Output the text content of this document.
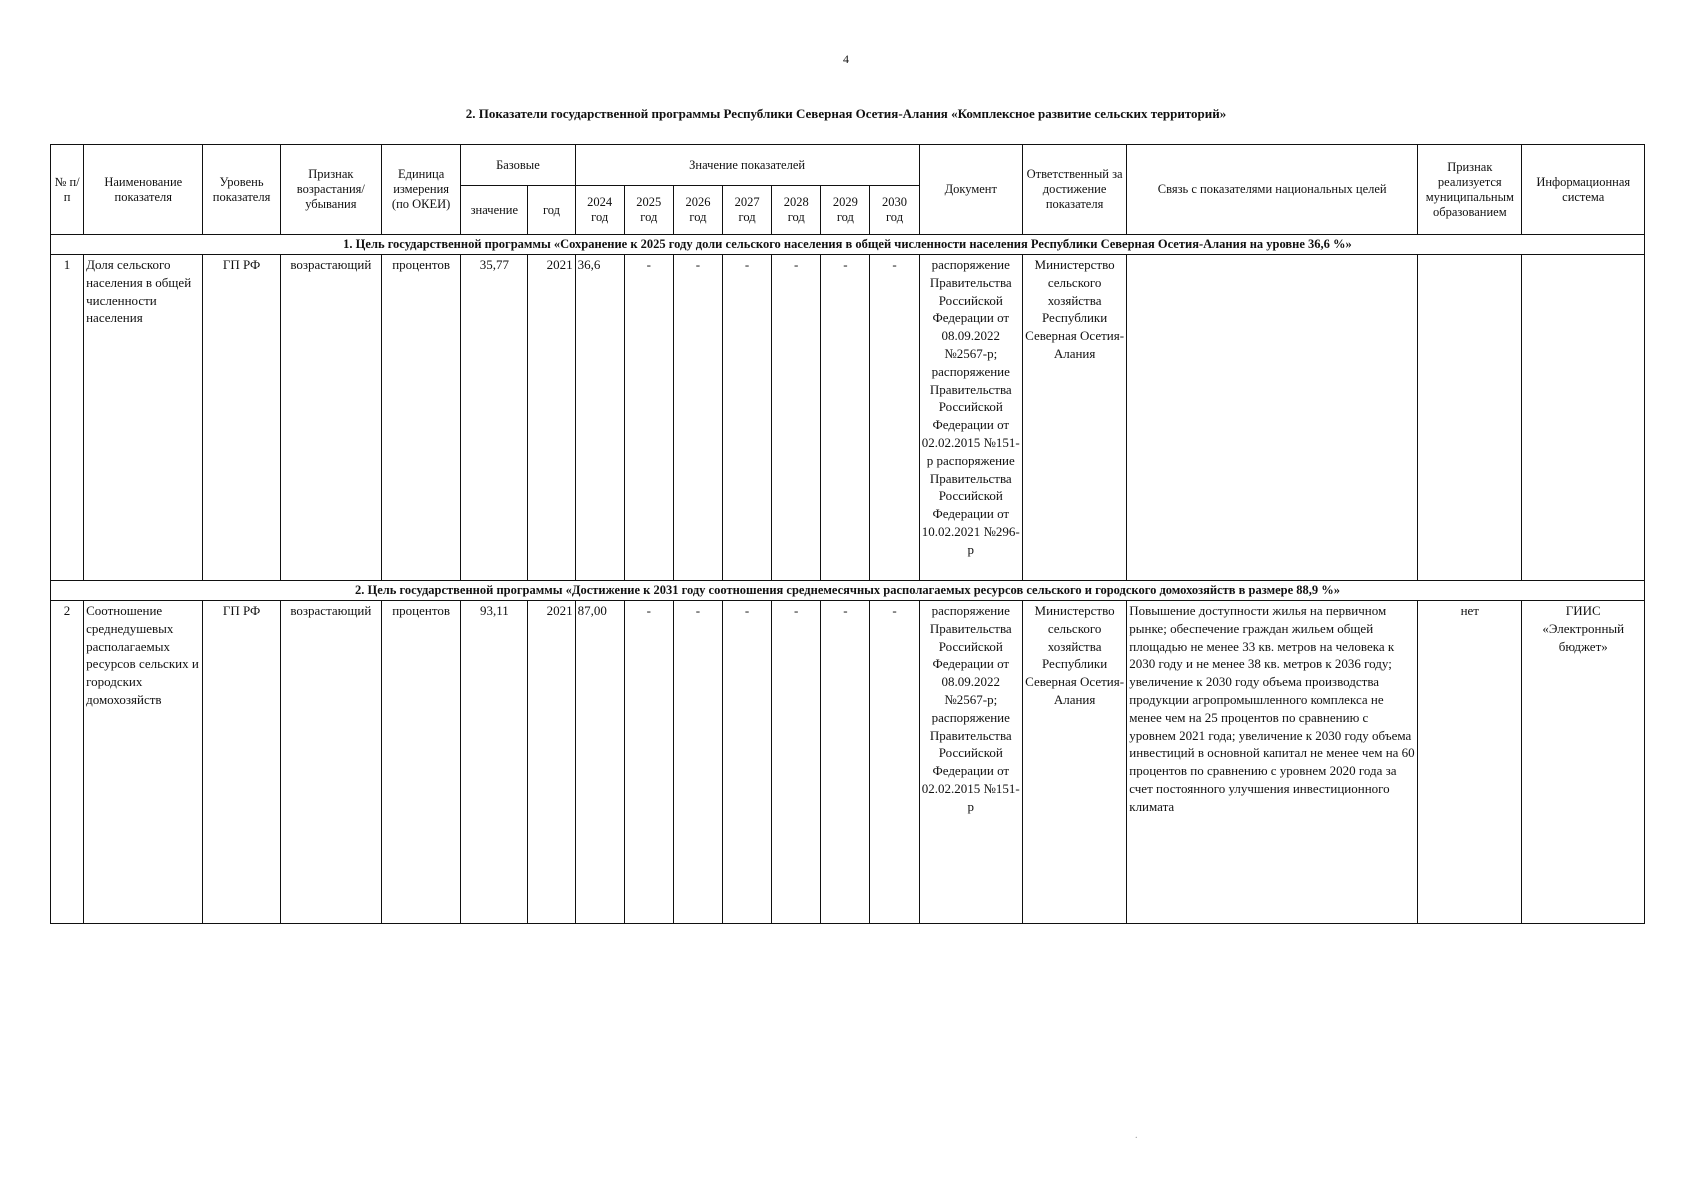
4
2. Показатели государственной программы Республики Северная Осетия-Алания «Комплексное развитие сельских территорий»
№ п/п	Наименование показателя	Уровень показателя	Признак возрастания/ убывания	Единица измерения (по ОКЕИ)	Базовые		Значение показателей							Документ	Ответственный за достижение показателя	Связь с показателями национальных целей	Признак реализуется муниципальным образованием	Информационная система
					значение	год	2024 год	2025 год	2026 год	2027 год	2028 год	2029 год	2030 год					
1. Цель государственной программы «Сохранение к 2025 году доли сельского населения в общей численности населения Республики Северная Осетия-Алания на уровне 36,6 %»																		
1	Доля сельского населения в общей численности населения	ГП РФ	возрастающий	процентов	35,77	2021	36,6	-	-	-	-	-	-	распоряжение Правительства Российской Федерации от 08.09.2022 №2567-р; распоряжение Правительства Российской Федерации от 02.02.2015 №151-р распоряжение Правительства Российской Федерации от 10.02.2021 №296-р	Министерство сельского хозяйства Республики Северная Осетия-Алания			
2. Цель государственной программы «Достижение к 2031 году соотношения среднемесячных располагаемых ресурсов сельского и городского домохозяйств в размере 88,9 %»																		
2	Соотношение среднедушевых располагаемых ресурсов сельских и городских домохозяйств	ГП РФ	возрастающий	процентов	93,11	2021	87,00	-	-	-	-	-	-	распоряжение Правительства Российской Федерации от 08.09.2022 №2567-р; распоряжение Правительства Российской Федерации от 02.02.2015 №151-р	Министерство сельского хозяйства Республики Северная Осетия-Алания	Повышение доступности жилья на первичном рынке; обеспечение граждан жильем общей площадью не менее 33 кв. метров на человека к 2030 году и не менее 38 кв. метров к 2036 году; увеличение к 2030 году объема производства продукции агропромышленного комплекса не менее чем на 25 процентов по сравнению с уровнем 2021 года; увеличение к 2030 году объема инвестиций в основной капитал не менее чем на 60 процентов по сравнению с уровнем 2020 года за счет постоянного улучшения инвестиционного климата	нет	ГИИС «Электронный бюджет»
.
